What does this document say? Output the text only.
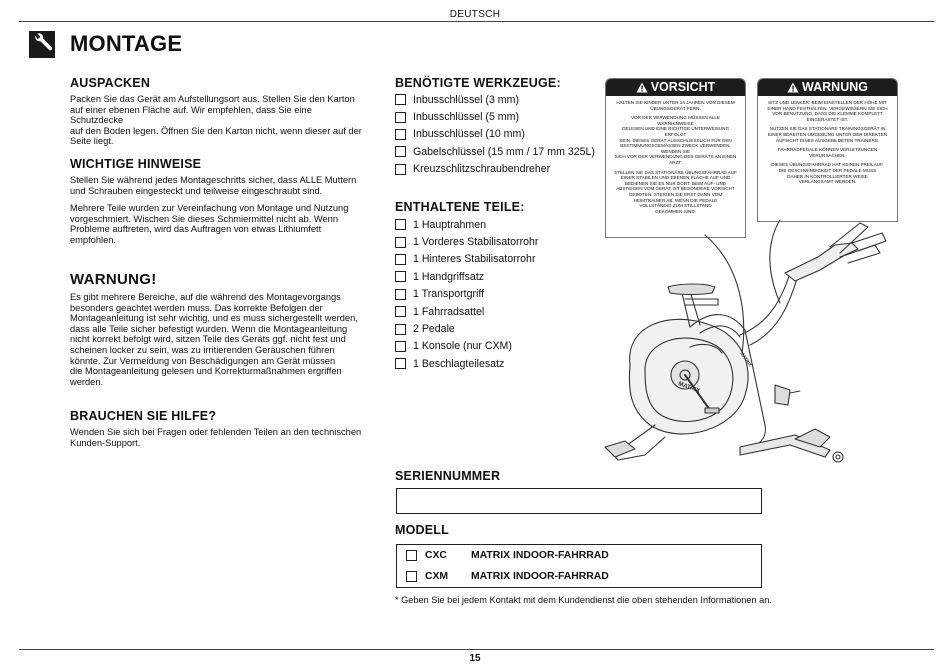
DEUTSCH
MONTAGE
AUSPACKEN
Packen Sie das Gerät am Aufstellungsort aus. Stellen Sie den Karton
auf einer ebenen Fläche auf. Wir empfehlen, dass Sie eine Schutzdecke
auf den Boden legen. Öffnen Sie den Karton nicht, wenn dieser auf der
Seite liegt.
WICHTIGE HINWEISE
Stellen Sie während jedes Montageschritts sicher, dass ALLE Muttern
und Schrauben eingesteckt und teilweise eingeschraubt sind.
Mehrere Teile wurden zur Vereinfachung von Montage und Nutzung
vorgeschmiert. Wischen Sie dieses Schmiermittel nicht ab. Wenn
Probleme auftreten, wird das Auftragen von etwas Lithiumfett
empfohlen.
WARNUNG!
Es gibt mehrere Bereiche, auf die während des Montagevorgangs
besonders geachtet werden muss. Das korrekte Befolgen der
Montageanleitung ist sehr wichtig, und es muss sichergestellt werden,
dass alle Teile sicher befestigt wurden. Wenn die Montageanleitung
nicht korrekt befolgt wird, sitzen Teile des Geräts ggf. nicht fest und
scheinen locker zu sein, was zu irritierenden Geräuschen führen
könnte. Zur Vermeidung von Beschädigungen am Gerät müssen
die Montageanleitung gelesen und Korrekturmaßnahmen ergriffen
werden.
BRAUCHEN SIE HILFE?
Wenden Sie sich bei Fragen oder fehlenden Teilen an den technischen
Kunden-Support.
BENÖTIGTE WERKZEUGE:
Inbusschlüssel (3 mm)
Inbusschlüssel (5 mm)
Inbusschlüssel (10 mm)
Gabelschlüssel (15 mm / 17 mm 325L)
Kreuzschlitzschraubendreher
ENTHALTENE TEILE:
1 Hauptrahmen
1 Vorderes Stabilisatorrohr
1 Hinteres Stabilisatorrohr
1 Handgriffsatz
1 Transportgriff
1 Fahrradsattel
2 Pedale
1 Konsole (nur CXM)
1 Beschlagteilesatz
VORSICHT

HALTEN SIE KINDER UNTER 14 JAHREN VON DIESEM
ÜBUNGSGERÄT FERN.

VOR DER VERWENDUNG MÜSSEN ALLE WARNHINWEISE
GELESEN UND EINE RICHTIGE UNTERWEISUNG ERFOLGT
SEIN. DIESES GERÄT AUSSCHLIESSLICH FÜR DEN
BESTIMMUNGSGEMÄSSEN ZWECK VERWENDEN. WENDEN SIE
SICH VOR DER VERWENDUNG DES GERÄTS AN EINEN ARZT.

STELLEN SIE DAS STATIONÄRE ÜBUNGSFAHRRAD AUF
EINER STABILEN UND EBENEN FLÄCHE AUF UND
BEDIENEN SIE ES NUR DORT. BEIM AUF- UND
ABSTEIGEN VOM GERÄT IST BESONDERE VORSICHT
GEBOTEN. STEIGEN SIE ERST DANN VOM
HEIMTRAINER AB, WENN DIE PEDALE
VOLLSTÄNDIG ZUM STILLSTAND
GEKOMMEN SIND.

WARNUNG

SITZ UND LENKER: BEIM EINSTELLEN DER HÖHE MIT
EINER HAND FESTHALTEN. VERGEWISSERN SIE SICH
VOR BENUTZUNG, DASS DIE KLEMME KOMPLETT
EINGERASTET IST.

NUTZEN SIE DAS STATIONÄRE TRAININGSGERÄT IN
EINER BEREITEN UMGEBUNG UNTER DER DIREKTEN
AUFSICHT EINES AUSGEBILDETEN TRAINERS.

FAHRRADPEDALE KÖNNEN VERLETZUNGEN
VERURSACHEN.

DIESES ÜBUNGSFAHRRAD HAT KEINEN FREILAUF.
DIE GESCHWINDIGKEIT DER PEDALE MUSS
DAHER IN KONTROLLIERTER WEISE
VERLANGSAMT WERDEN.

MATRIX
MATRIX
SERIENNUMMER
MODELL
CXC	MATRIX INDOOR-FAHRRAD
CXM	MATRIX INDOOR-FAHRRAD
* Geben Sie bei jedem Kontakt mit dem Kundendienst die oben stehenden Informationen an.
15
